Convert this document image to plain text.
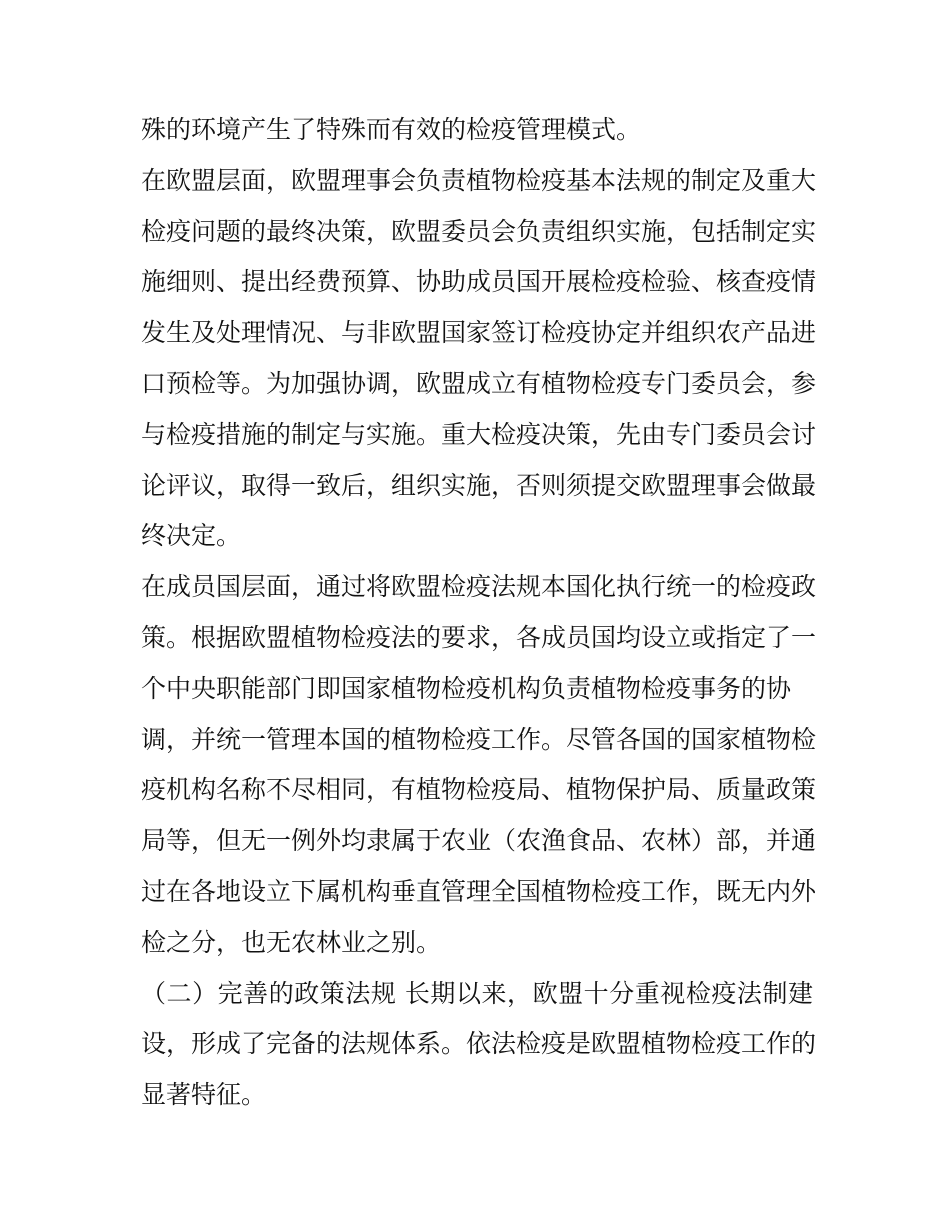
殊的环境产生了特殊而有效的检疫管理模式。
在欧盟层面，欧盟理事会负责植物检疫基本法规的制定及重大
检疫问题的最终决策，欧盟委员会负责组织实施，包括制定实
施细则、提出经费预算、协助成员国开展检疫检验、核查疫情
发生及处理情况、与非欧盟国家签订检疫协定并组织农产品进
口预检等。为加强协调，欧盟成立有植物检疫专门委员会，参
与检疫措施的制定与实施。重大检疫决策，先由专门委员会讨
论评议，取得一致后，组织实施，否则须提交欧盟理事会做最
终决定。
在成员国层面，通过将欧盟检疫法规本国化执行统一的检疫政
策。根据欧盟植物检疫法的要求，各成员国均设立或指定了一
个中央职能部门即国家植物检疫机构负责植物检疫事务的协
调，并统一管理本国的植物检疫工作。尽管各国的国家植物检
疫机构名称不尽相同，有植物检疫局、植物保护局、质量政策
局等，但无一例外均隶属于农业（农渔食品、农林）部，并通
过在各地设立下属机构垂直管理全国植物检疫工作，既无内外
检之分，也无农林业之别。
（二）完善的政策法规 长期以来，欧盟十分重视检疫法制建
设，形成了完备的法规体系。依法检疫是欧盟植物检疫工作的
显著特征。
